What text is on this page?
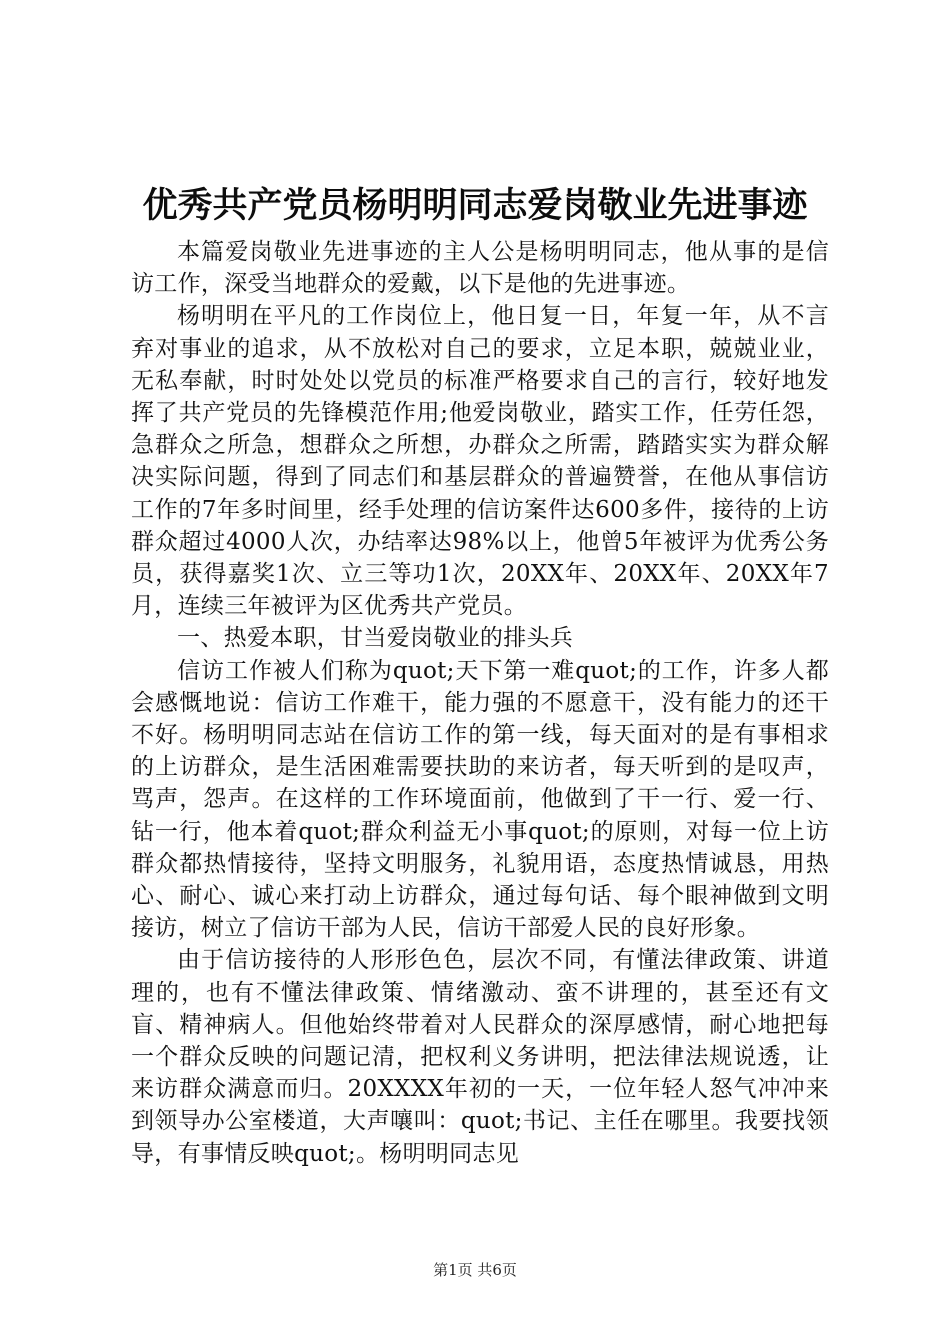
优秀共产党员杨明明同志爱岗敬业先进事迹

本篇爱岗敬业先进事迹的主人公是杨明明同志，他从事的是信访工作，深受当地群众的爱戴，以下是他的先进事迹。

杨明明在平凡的工作岗位上，他日复一日，年复一年，从不言弃对事业的追求，从不放松对自己的要求，立足本职，兢兢业业，无私奉献，时时处处以党员的标准严格要求自己的言行，较好地发挥了共产党员的先锋模范作用;他爱岗敬业，踏实工作，任劳任怨，急群众之所急，想群众之所想，办群众之所需，踏踏实实为群众解决实际问题，得到了同志们和基层群众的普遍赞誉，在他从事信访工作的7年多时间里，经手处理的信访案件达600多件，接待的上访群众超过4000人次，办结率达98%以上，他曾5年被评为优秀公务员，获得嘉奖1次、立三等功1次，20XX年、20XX年、20XX年7月，连续三年被评为区优秀共产党员。

一、热爱本职，甘当爱岗敬业的排头兵

信访工作被人们称为quot;天下第一难quot;的工作，许多人都会感慨地说：信访工作难干，能力强的不愿意干，没有能力的还干不好。杨明明同志站在信访工作的第一线，每天面对的是有事相求的上访群众，是生活困难需要扶助的来访者，每天听到的是叹声，骂声，怨声。在这样的工作环境面前，他做到了干一行、爱一行、钻一行，他本着quot;群众利益无小事quot;的原则，对每一位上访群众都热情接待，坚持文明服务，礼貌用语，态度热情诚恳，用热心、耐心、诚心来打动上访群众，通过每句话、每个眼神做到文明接访，树立了信访干部为人民，信访干部爱人民的良好形象。

由于信访接待的人形形色色，层次不同，有懂法律政策、讲道理的，也有不懂法律政策、情绪激动、蛮不讲理的，甚至还有文盲、精神病人。但他始终带着对人民群众的深厚感情，耐心地把每一个群众反映的问题记清，把权利义务讲明，把法律法规说透，让来访群众满意而归。20XXXX年初的一天，一位年轻人怒气冲冲来到领导办公室楼道，大声嚷叫：quot;书记、主任在哪里。我要找领导，有事情反映quot;。杨明明同志见

第1页 共6页
